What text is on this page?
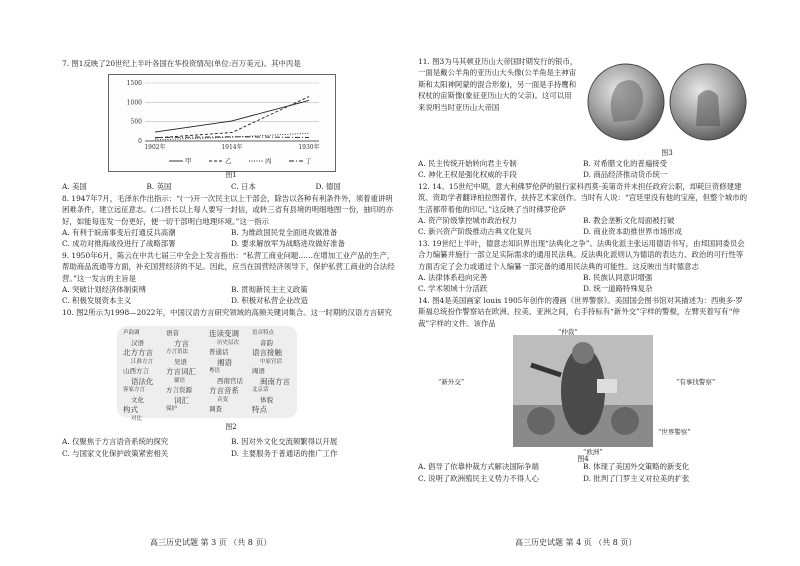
7. 图1反映了20世纪上半叶各国在华投资情况(单位:百万美元)。其中丙是

0
500
1000
1500
1902年	1914年	1930年
甲	乙	丙	丁
图1
A. 美国	B. 英国	C. 日本	D. 德国

8. 1947年7月，毛泽东作出指示：“(一)开一次民主以上干部会，除告以各种有利条件外，须着重讲明困难条件，建立远征意志。(二)晋长以上每人要写一封信，或转三省有县境的明细地图一份，抽印的亦好，如能每连发一份更好，便一切干部明白地理环境。”这一指示

A. 有利于皖南事变后打通反兵高潮	B. 为维政国民党全面进攻做准备
C. 成功对推海战役进行了战略部署	D. 要求解放军为战略进攻做好准备

9. 1950年6月，陈云在中共七届三中全会上发言指出：“私营工商业问题……在增加工业产品的生产，帮助商品流通等方面，补充国营经济的不足。因此，应当在国营经济领导下，保护私营工商业的合法经营。”这一发言的主旨是

A. 突破计划经济体制束缚	B. 贯彻新民主主义政策
C. 积极发展资本主义	D. 积极对私营企业改造

10. 图2所示为1998—2022年，中国汉语方言研究领域的高频关键词集合。这一时期的汉语方言研究

声韵调	语音	连读变调 语音特点
汉语	方言	历史层次	音韵
北方方言 方言语法	普通话	语言接触
江淮方言	吴语	湘语	中原官话
山西方言 方言词汇 粤语	闽语
语法化	赣语	西南官话 闽南方言
客家方言	方言资源 方言音系 北京话
文化	词汇	音变	体貌
构式	保护	调查	特点
对比
图2
A. 仅聚焦于方言语音系统的探究	B. 因对外文化交流频繁得以开展
C. 与国家文化保护政策紧密相关	D. 主要服务于普通话的推广工作
高三历史试题 第 3 页 （共 8 页）

11. 图3为马其顿亚历山大帝国时期发行的银币，一面是戴公羊角的亚历山大头像(公羊角是主神宙斯和太阳神阿蒙的混合形象)，另一面是手持鹰和权杖的宙斯像(象征亚历山大的父亲)。这可以用来说明当时亚历山大帝国

图3
A. 民主传统开始转向君主专制	B. 对希腊文化的普遍接受
C. 神化王权是强化权威的手段	D. 商品经济推动货币统一

12. 14、15世纪中期，意大利佛罗伦萨的银行家科西莫·美第奇并未担任政府公职，却耗巨资修建建筑、资助学者翻译柏拉图著作，扶持艺术家创作。当时有人说：“宫廷里没有他的宝座，但整个城市的生活都带着他的印记。”这反映了当时佛罗伦萨

A. 资产阶级掌控城市政治权力	B. 教会垄断文化局面被打破
C. 新兴资产阶级推动古典文化复兴	D. 商业资本助推世界市场形成

13. 19世纪上半叶，德意志知识界出现“法典化之争”。法典化派主张运用德语书写，由邦国同委员会合力编纂并施行一部立足实际需求的通用民法典。反法典化派则认为德语的表达力、政治的可行性等方面否定了会力或通过个人编纂一部完备的通用民法典的可能性。这反映出当时德意志

A. 法律体系趋向完善	B. 民族认同意识增强
C. 学术领域十分活跃	D. 统一道路特殊复杂

14. 图4是美国画家 louis 1905年创作的漫画《世界警察》。美国国会图书馆对其描述为：西奥多·罗斯福总统扮作警察站在欧洲、拉美、亚洲之间，右手持标有“新外交”字样的警棍，左臂夹着写有“仲裁”字样的文件。该作品

“仲裁”
“新外交”	“有事找警察”
“世界警察”
“欧洲”
图4
A. 倡导了依靠仲裁方式解决国际争端	B. 体现了美国外交策略的新变化
C. 说明了欧洲殖民主义势力不得人心	D. 批判了门罗主义对拉美的扩张
高三历史试题 第 4 页 （共 8 页）
